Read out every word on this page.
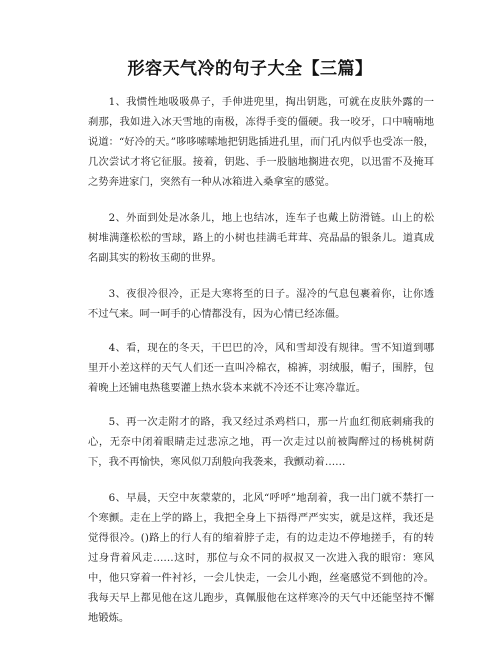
形容天气冷的句子大全【三篇】

1、我惯性地吸吸鼻子，手伸进兜里，掏出钥匙，可就在皮肤外露的一刹那，我如进入冰天雪地的南极，冻得手变的僵硬。我一咬牙，口中喃喃地说道：“好冷的天。”哆哆嗦嗦地把钥匙插进孔里，而门孔内似乎也受冻一般，几次尝试才将它征服。接着，钥匙、手一股脑地搁进衣兜，以迅雷不及掩耳之势奔进家门，突然有一种从冰箱进入桑拿室的感觉。

2、外面到处是冰条儿，地上也结冰，连车子也戴上防滑链。山上的松树堆满蓬松松的雪球，路上的小树也挂满毛茸茸、亮晶晶的银条儿。道真成名副其实的粉妆玉砌的世界。

3、夜很冷很冷，正是大寒将至的日子。湿冷的气息包裹着你，让你透不过气来。呵一呵手的心情都没有，因为心情已经冻僵。

4、看，现在的冬天，干巴巴的冷，风和雪却没有规律。雪不知道到哪里开小差这样的天气人们还一直叫冷棉衣，棉裤，羽绒服，帽子，围脖，包着晚上还铺电热毯要灌上热水袋本来就不冷还不让寒冷靠近。

5、再一次走附才的路，我又经过杀鸡档口，那一片血红彻底刺痛我的心，无奈中闭着眼睛走过悲凉之地，再一次走过以前被陶醉过的杨桃树荫下，我不再愉快，寒风似刀刮般向我袭来，我颤动着……

6、早晨，天空中灰蒙蒙的，北风“呼呼”地刮着，我一出门就不禁打一个寒颤。走在上学的路上，我把全身上下捂得严严实实，就是这样，我还是觉得很冷。()路上的行人有的缩着脖子走，有的边走边不停地搓手，有的转过身背着风走……这时，那位与众不同的叔叔又一次进入我的眼帘：寒风中，他只穿着一件衬衫，一会儿快走，一会儿小跑，丝毫感觉不到他的冷。我每天早上都见他在这儿跑步，真佩服他在这样寒冷的天气中还能坚持不懈地锻炼。
